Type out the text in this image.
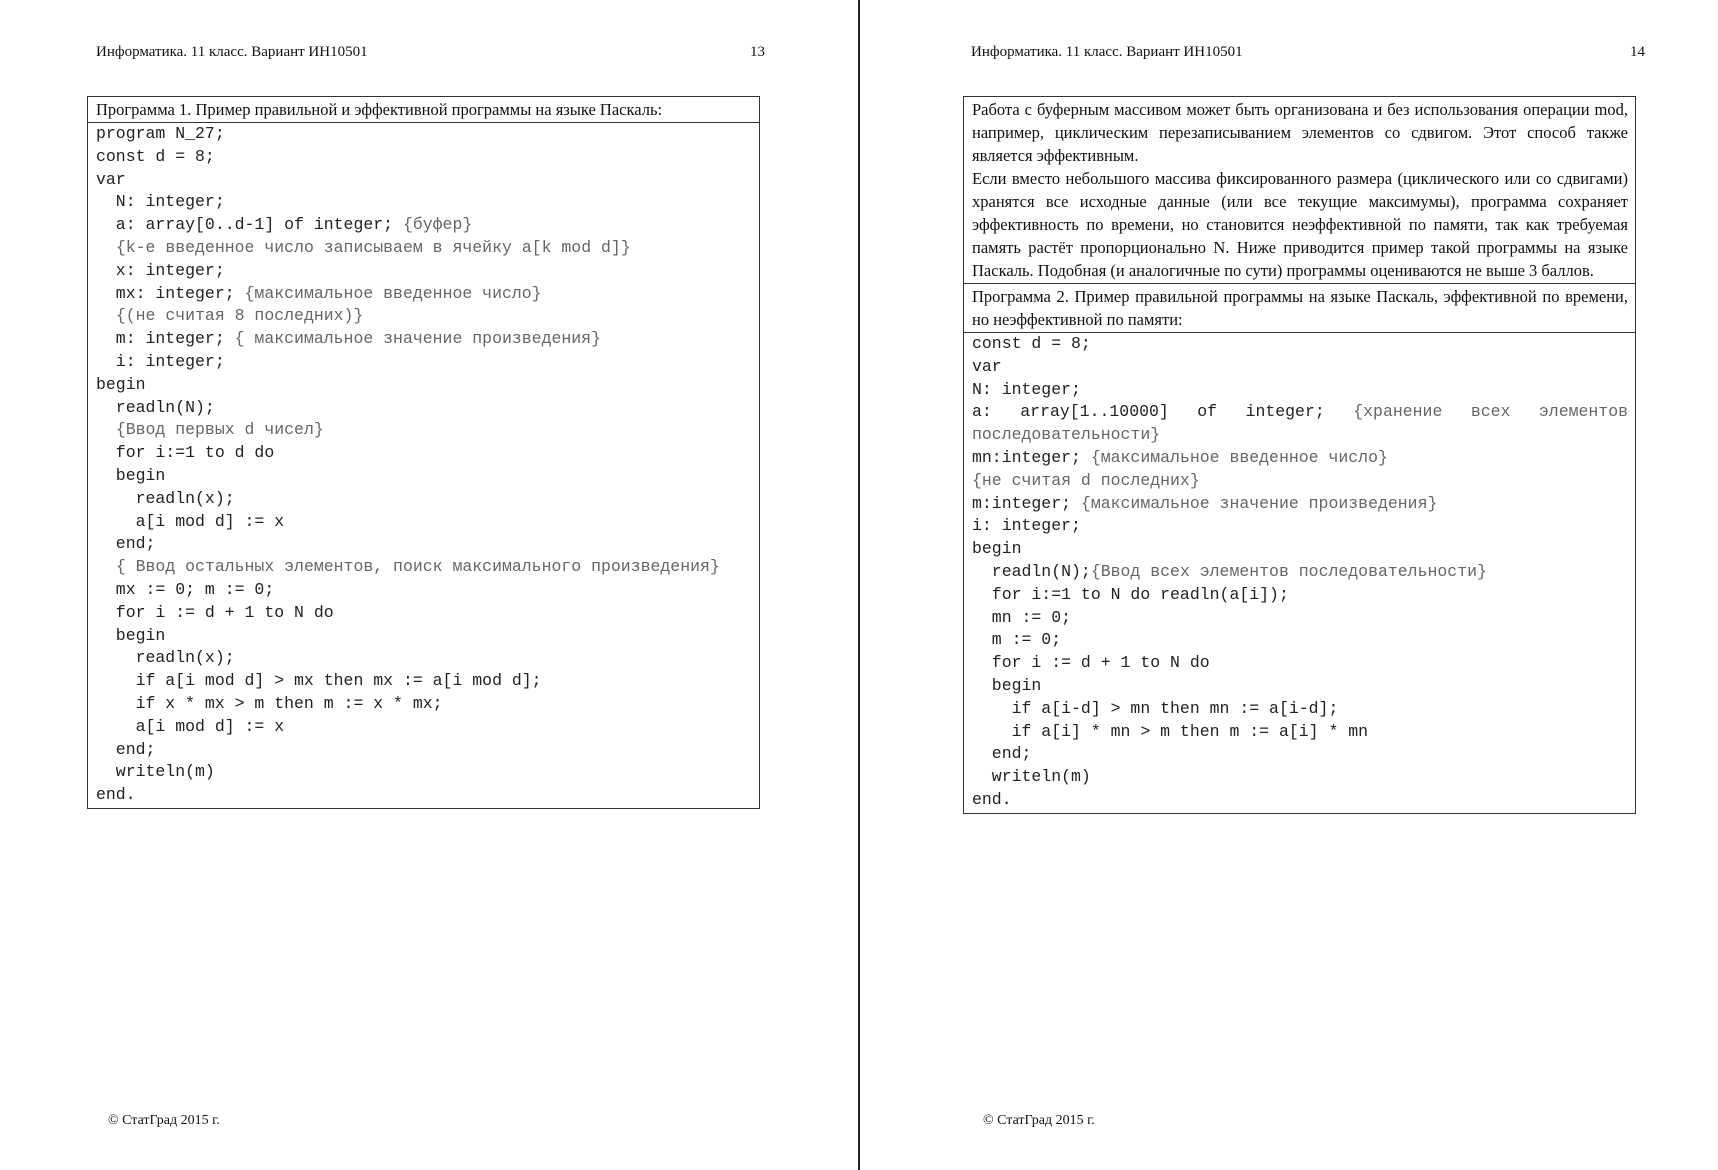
Информатика. 11 класс. Вариант ИН10501	13

Программа 1. Пример правильной и эффективной программы на языке Паскаль:

program N_27;
const d = 8;
var
N: integer;
a: array[0..d-1] of integer; {буфер}
{k-е введенное число записываем в ячейку a[k mod d]}
x: integer;
mx: integer; {максимальное введенное число}
{(не считая 8 последних)}
m: integer; { максимальное значение произведения}
i: integer;
begin
readln(N);
{Ввод первых d чисел}
for i:=1 to d do
begin
readln(x);
a[i mod d] := x
end;
{ Ввод остальных элементов, поиск максимального произведения}
mx := 0; m := 0;
for i := d + 1 to N do
begin
readln(x);
if a[i mod d] > mx then mx := a[i mod d];
if x * mx > m then m := x * mx;
a[i mod d] := x
end;
writeln(m)
end.
© СтатГрад 2015 г.
Информатика. 11 класс. Вариант ИН10501	14

Работа с буферным массивом может быть организована и без использования операции mod, например, циклическим перезаписыванием элементов со сдвигом. Этот способ также является эффективным.

Если вместо небольшого массива фиксированного размера (циклического или со сдвигами) хранятся все исходные данные (или все текущие максимумы), программа сохраняет эффективность по времени, но становится неэффективной по памяти, так как требуемая память растёт пропорционально N. Ниже приводится пример такой программы на языке Паскаль. Подобная (и аналогичные по сути) программы оцениваются не выше 3 баллов.

Программа 2. Пример правильной программы на языке Паскаль, эффективной по времени, но неэффективной по памяти:

const d = 8;
var
N: integer;
a: array[1..10000] of integer; {хранение всех элементов последовательности}
mn:integer; {максимальное введенное число}
{не считая d последних}
m:integer; {максимальное значение произведения}
i: integer;
begin
readln(N);{Ввод всех элементов последовательности}
for i:=1 to N do readln(a[i]);
mn := 0;
m := 0;
for i := d + 1 to N do
begin
if a[i-d] > mn then mn := a[i-d];
if a[i] * mn > m then m := a[i] * mn
end;
writeln(m)
end.
© СтатГрад 2015 г.
